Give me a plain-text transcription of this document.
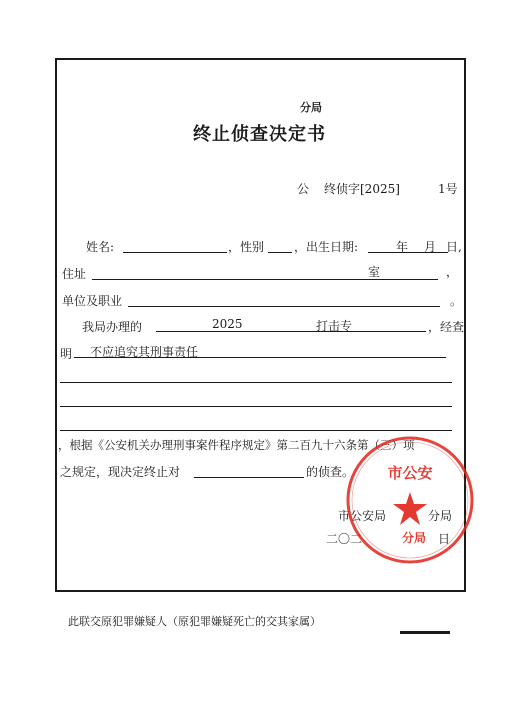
分局
终止侦查决定书
公 终侦字[2025]	1号
姓名:	，性别 ，出生日期:	年 月 日,
住址	室	，
单位及职业	。
我局办理的	2025	打击专	，经查
明 不应追究其刑事责任
，根据《公安机关办理刑事案件程序规定》第二百九十六条第（三）项
之规定，现决定终止对	的侦查。
市公安局	分局
二〇二	日
市公安
分局
此联交原犯罪嫌疑人（原犯罪嫌疑死亡的交其家属）
